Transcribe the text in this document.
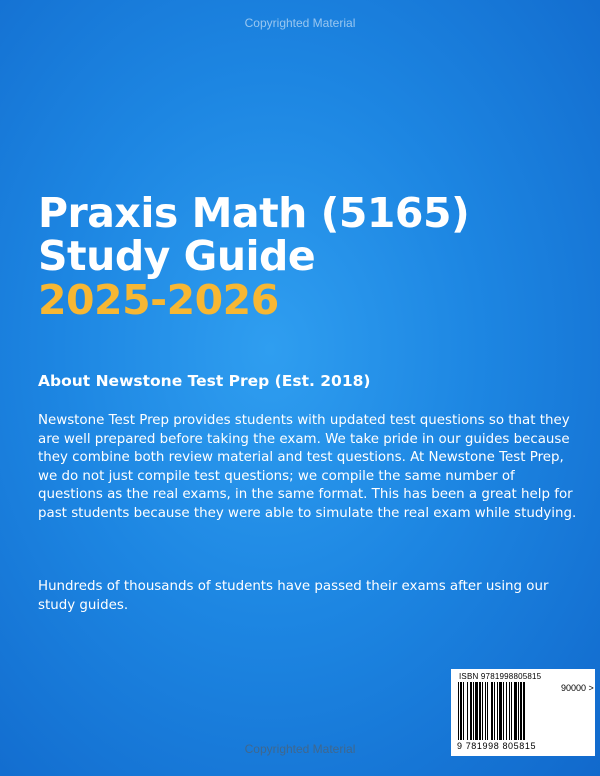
Copyrighted Material
Praxis Math (5165)
Study Guide
2025-2026
About Newstone Test Prep (Est. 2018)
Newstone Test Prep provides students with updated test questions so that they are well prepared before taking the exam. We take pride in our guides because they combine both review material and test questions. At Newstone Test Prep, we do not just compile test questions; we compile the same number of questions as the real exams, in the same format. This has been a great help for past students because they were able to simulate the real exam while studying.
Hundreds of thousands of students have passed their exams after using our study guides.
ISBN 9781998805815
90000 >
9 781998 805815
Copyrighted Material
